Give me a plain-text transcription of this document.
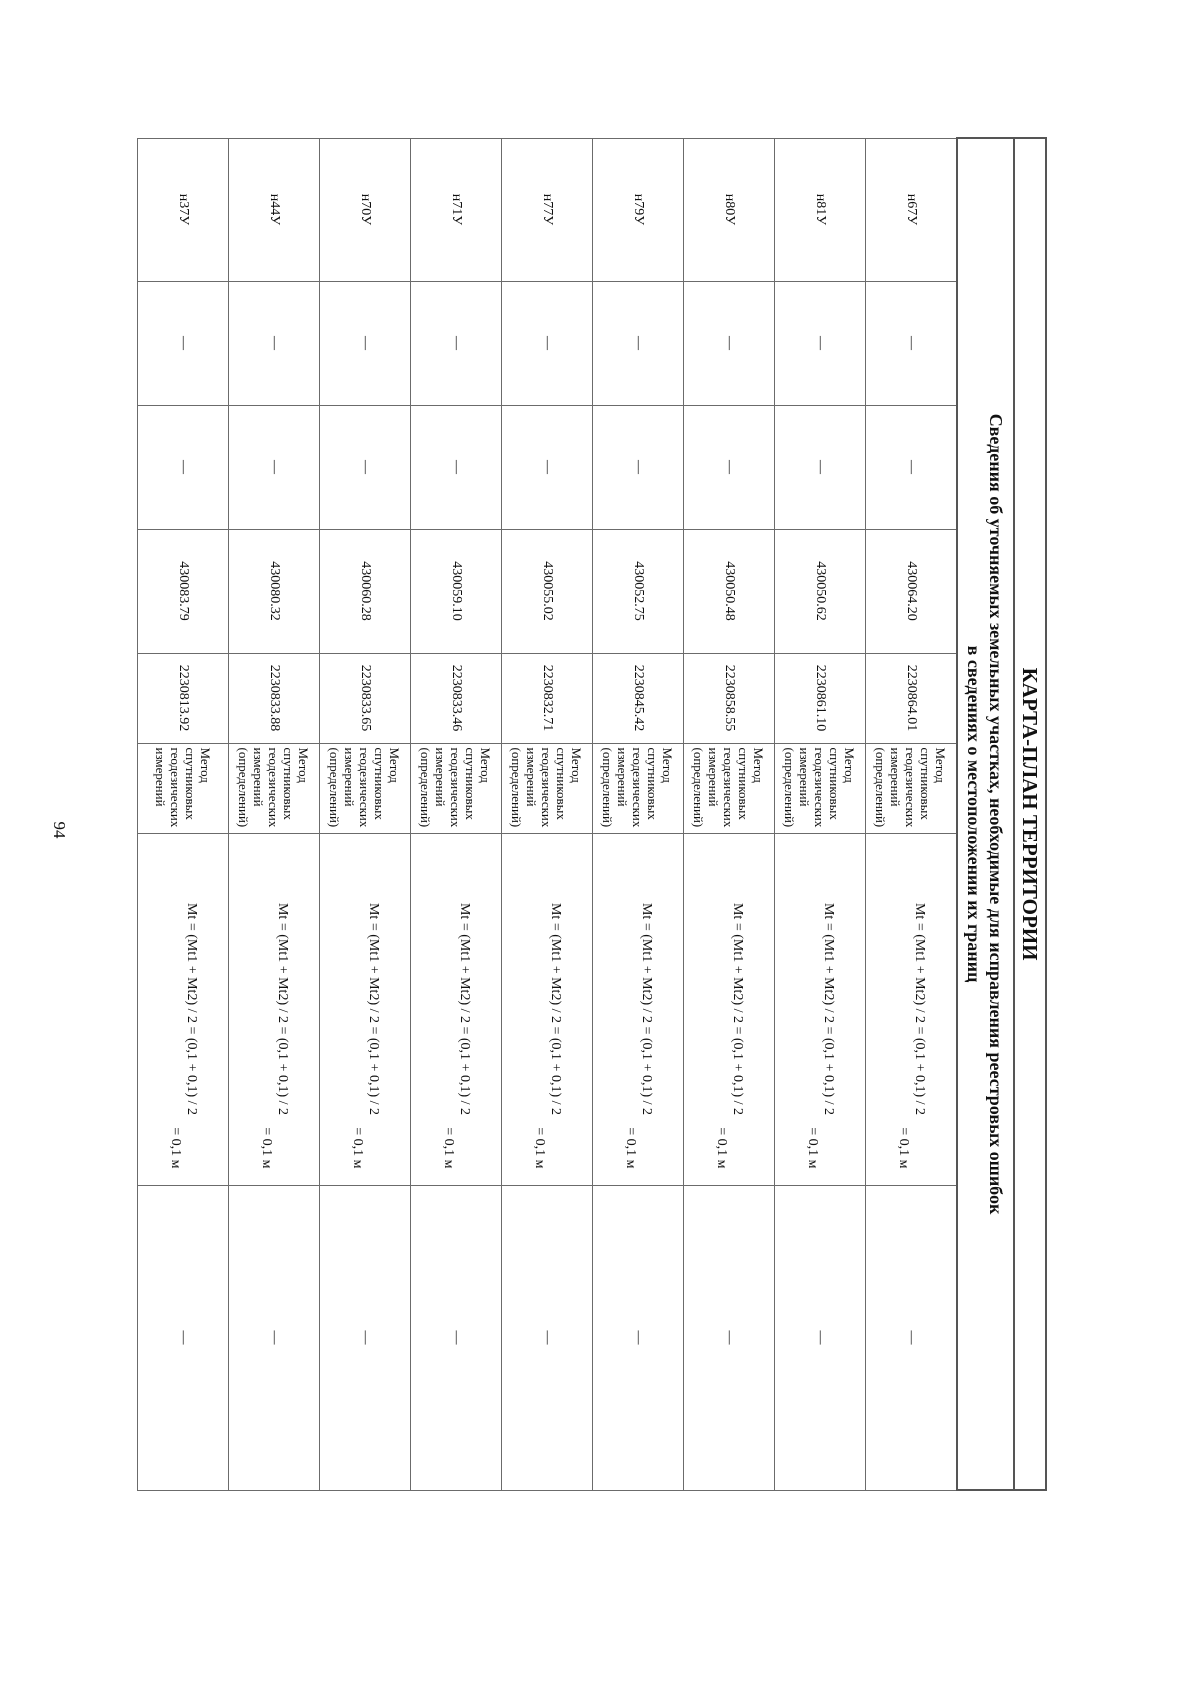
94	КАРТА-ПЛАН ТЕРРИТОРИИ							
Сведения об уточняемых земельных участках, необходимые для исправления реестровых ошибок
в сведениях о местоположении их границ							
н67У	—	—	430064.20	2230864.01	Метод спутниковых геодезических измерений (определений)	Mt = (Mt1 + Mt2) / 2 = (0,1 + 0,1) / 2
= 0,1 м	—
н81У	—	—	430050.62	2230861.10	Метод спутниковых геодезических измерений (определений)	Mt = (Mt1 + Mt2) / 2 = (0,1 + 0,1) / 2
= 0,1 м	—
н80У	—	—	430050.48	2230858.55	Метод спутниковых геодезических измерений (определений)	Mt = (Mt1 + Mt2) / 2 = (0,1 + 0,1) / 2
= 0,1 м	—
н79У	—	—	430052.75	2230845.42	Метод спутниковых геодезических измерений (определений)	Mt = (Mt1 + Mt2) / 2 = (0,1 + 0,1) / 2
= 0,1 м	—
н77У	—	—	430055.02	2230832.71	Метод спутниковых геодезических измерений (определений)	Mt = (Mt1 + Mt2) / 2 = (0,1 + 0,1) / 2
= 0,1 м	—
н71У	—	—	430059.10	2230833.46	Метод спутниковых геодезических измерений (определений)	Mt = (Mt1 + Mt2) / 2 = (0,1 + 0,1) / 2
= 0,1 м	—
н70У	—	—	430060.28	2230833.65	Метод спутниковых геодезических измерений (определений)	Mt = (Mt1 + Mt2) / 2 = (0,1 + 0,1) / 2
= 0,1 м	—
н44У	—	—	430080.32	2230833.88	Метод спутниковых геодезических измерений (определений)	Mt = (Mt1 + Mt2) / 2 = (0,1 + 0,1) / 2
= 0,1 м	—
н37У	—	—	430083.79	2230813.92	Метод спутниковых геодезических измерений	Mt = (Mt1 + Mt2) / 2 = (0,1 + 0,1) / 2
= 0,1 м	—
